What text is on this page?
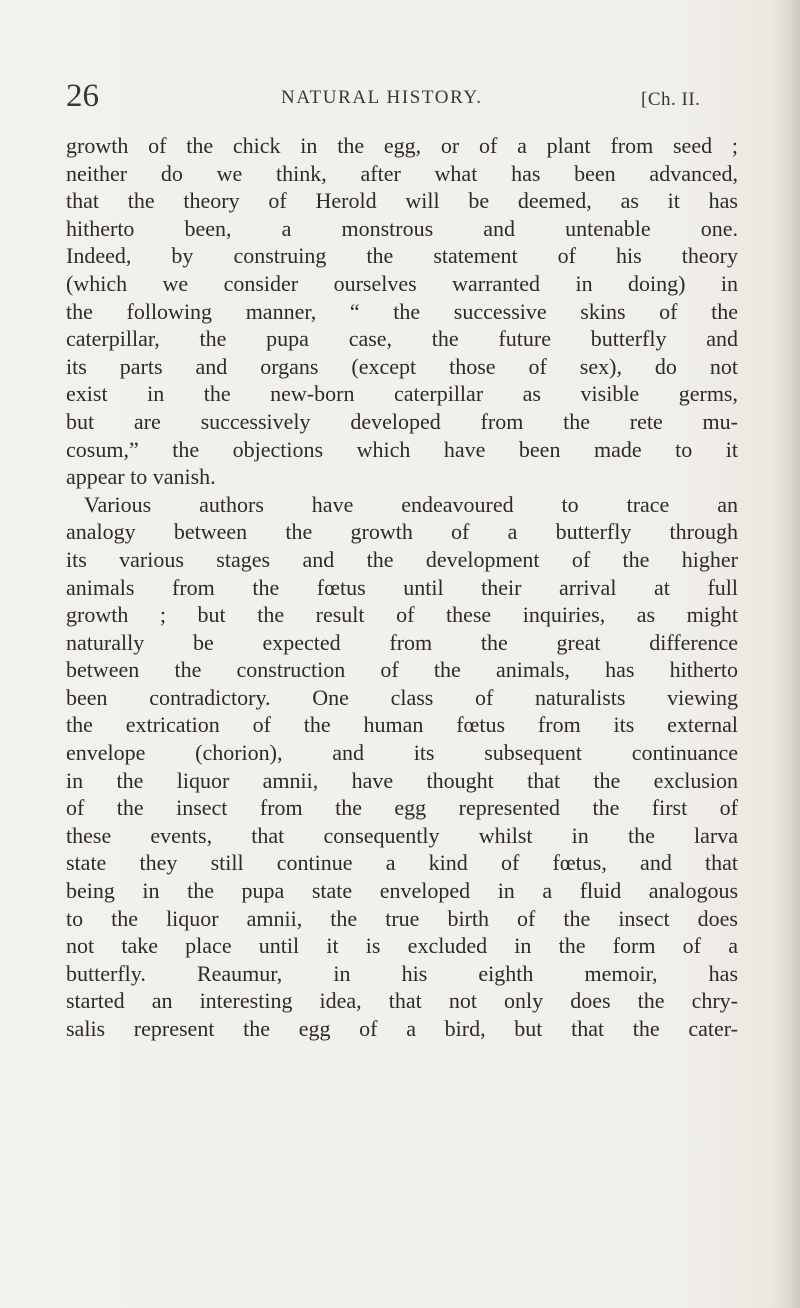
26	NATURAL HISTORY.	[Ch. II.
growth of the chick in the egg, or of a plant from seed ;
neither do we think, after what has been advanced,
that the theory of Herold will be deemed, as it has
hitherto been, a monstrous and untenable one.
Indeed, by construing the statement of his theory
(which we consider ourselves warranted in doing) in
the following manner, “ the successive skins of the
caterpillar, the pupa case, the future butterfly and
its parts and organs (except those of sex), do not
exist in the new-born caterpillar as visible germs,
but are successively developed from the rete mu-
cosum,” the objections which have been made to it
appear to vanish.
Various authors have endeavoured to trace an
analogy between the growth of a butterfly through
its various stages and the development of the higher
animals from the fœtus until their arrival at full
growth ; but the result of these inquiries, as might
naturally be expected from the great difference
between the construction of the animals, has hitherto
been contradictory. One class of naturalists viewing
the extrication of the human fœtus from its external
envelope (chorion), and its subsequent continuance
in the liquor amnii, have thought that the exclusion
of the insect from the egg represented the first of
these events, that consequently whilst in the larva
state they still continue a kind of fœtus, and that
being in the pupa state enveloped in a fluid analogous
to the liquor amnii, the true birth of the insect does
not take place until it is excluded in the form of a
butterfly. Reaumur, in his eighth memoir, has
started an interesting idea, that not only does the chry-
salis represent the egg of a bird, but that the cater-
